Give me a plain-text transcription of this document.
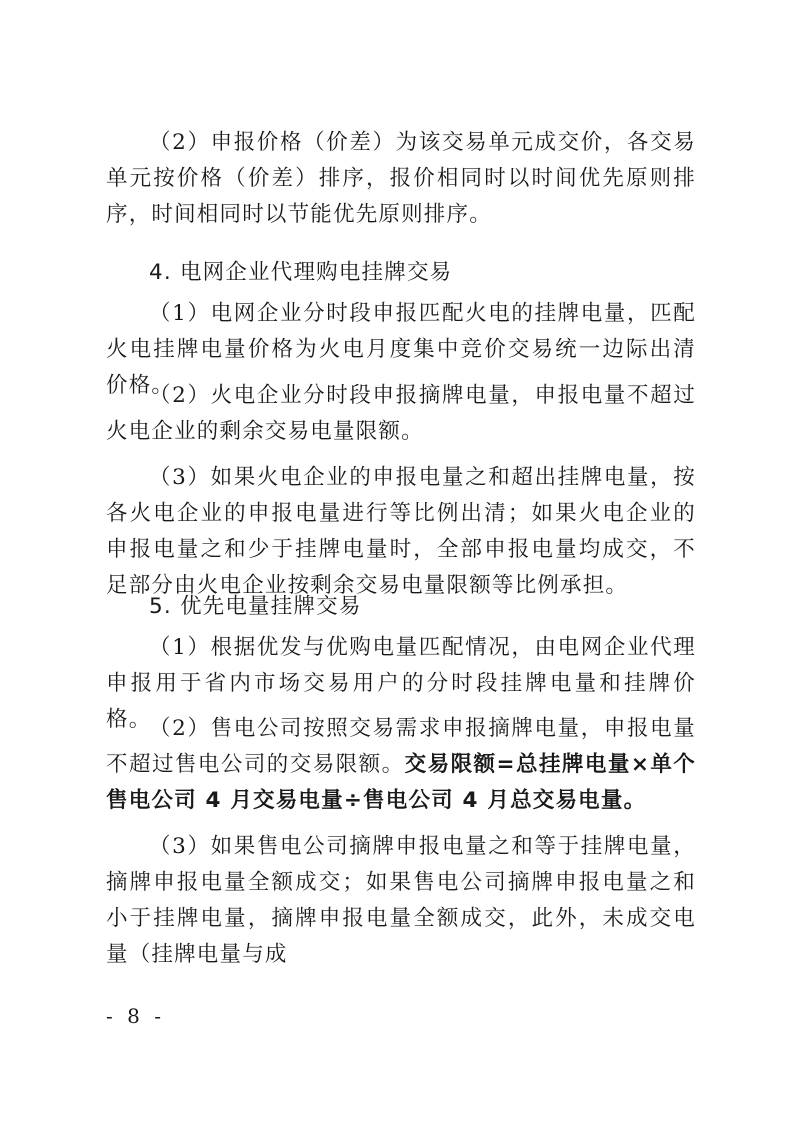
（2）申报价格（价差）为该交易单元成交价，各交易单元按价格（价差）排序，报价相同时以时间优先原则排序，时间相同时以节能优先原则排序。

4. 电网企业代理购电挂牌交易

（1）电网企业分时段申报匹配火电的挂牌电量，匹配火电挂牌电量价格为火电月度集中竞价交易统一边际出清价格。

（2）火电企业分时段申报摘牌电量，申报电量不超过火电企业的剩余交易电量限额。

（3）如果火电企业的申报电量之和超出挂牌电量，按各火电企业的申报电量进行等比例出清；如果火电企业的申报电量之和少于挂牌电量时，全部申报电量均成交，不足部分由火电企业按剩余交易电量限额等比例承担。

5. 优先电量挂牌交易

（1）根据优发与优购电量匹配情况，由电网企业代理申报用于省内市场交易用户的分时段挂牌电量和挂牌价格。

（2）售电公司按照交易需求申报摘牌电量，申报电量不超过售电公司的交易限额。交易限额=总挂牌电量×单个售电公司 4 月交易电量÷售电公司 4 月总交易电量。

（3）如果售电公司摘牌申报电量之和等于挂牌电量，摘牌申报电量全额成交；如果售电公司摘牌申报电量之和小于挂牌电量，摘牌申报电量全额成交，此外，未成交电量（挂牌电量与成

- 8 -
